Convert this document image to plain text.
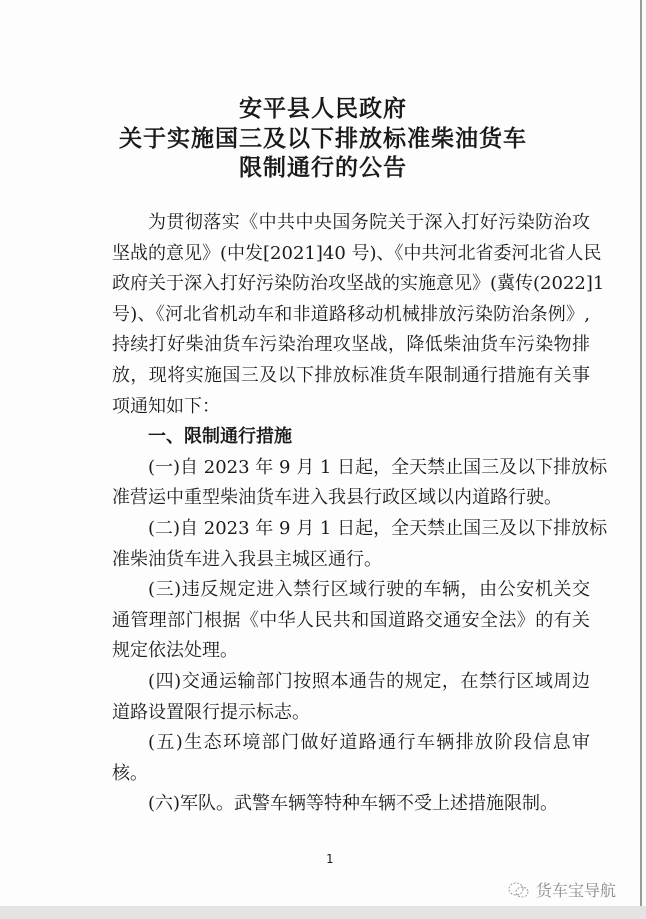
安平县人民政府
关于实施国三及以下排放标准柴油货车
限制通行的公告
为贯彻落实《中共中央国务院关于深入打好污染防治攻
坚战的意见》(中发[2021]40 号)、《中共河北省委河北省人民
政府关于深入打好污染防治攻坚战的实施意见》(冀传(2022]1
号)、《河北省机动车和非道路移动机械排放污染防治条例》,
持续打好柴油货车污染治理攻坚战，降低柴油货车污染物排
放，现将实施国三及以下排放标准货车限制通行措施有关事
项通知如下：
一、限制通行措施
(一)自 2023 年 9 月 1 日起，全天禁止国三及以下排放标
准营运中重型柴油货车进入我县行政区域以内道路行驶。
(二)自 2023 年 9 月 1 日起，全天禁止国三及以下排放标
准柴油货车进入我县主城区通行。
(三)违反规定进入禁行区域行驶的车辆，由公安机关交
通管理部门根据《中华人民共和国道路交通安全法》的有关
规定依法处理。
(四)交通运输部门按照本通告的规定，在禁行区域周边
道路设置限行提示标志。
(五)生态环境部门做好道路通行车辆排放阶段信息审
核。
(六)军队。武警车辆等特种车辆不受上述措施限制。
1
货车宝导航
